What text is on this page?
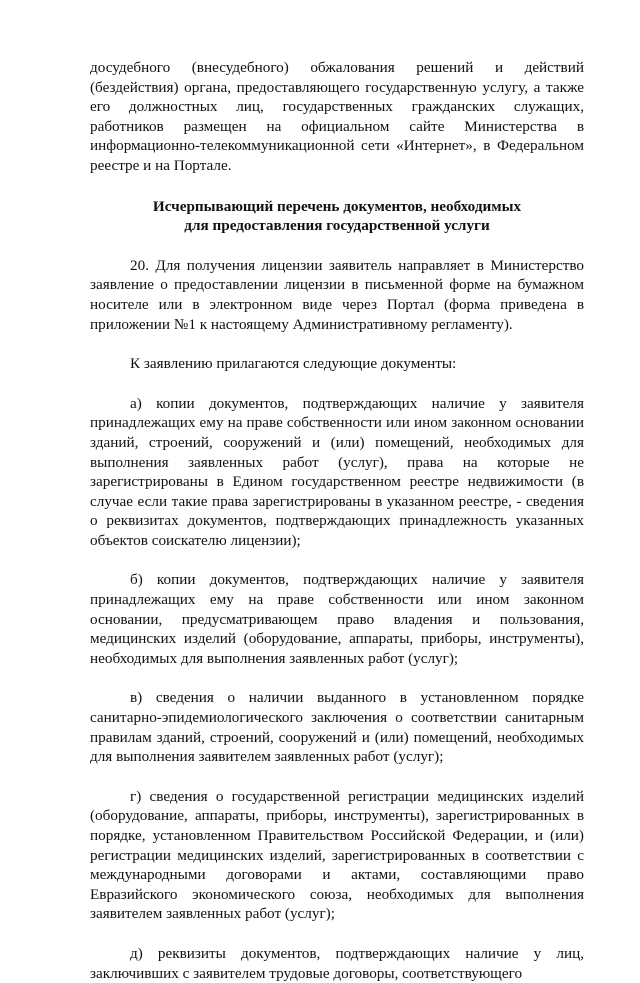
досудебного (внесудебного) обжалования решений и действий (бездействия) органа, предоставляющего государственную услугу, а также его должностных лиц, государственных гражданских служащих, работников размещен на официальном сайте Министерства в информационно-телекоммуникационной сети «Интернет», в Федеральном реестре и на Портале.

Исчерпывающий перечень документов, необходимых

для предоставления государственной услуги

20. Для получения лицензии заявитель направляет в Министерство заявление о предоставлении лицензии в письменной форме на бумажном носителе или в электронном виде через Портал (форма приведена в приложении №1 к настоящему Административному регламенту).

К заявлению прилагаются следующие документы:

а) копии документов, подтверждающих наличие у заявителя принадлежащих ему на праве собственности или ином законном основании зданий, строений, сооружений и (или) помещений, необходимых для выполнения заявленных работ (услуг), права на которые не зарегистрированы в Едином государственном реестре недвижимости (в случае если такие права зарегистрированы в указанном реестре, - сведения о реквизитах документов, подтверждающих принадлежность указанных объектов соискателю лицензии);

б) копии документов, подтверждающих наличие у заявителя принадлежащих ему на праве собственности или ином законном основании, предусматривающем право владения и пользования, медицинских изделий (оборудование, аппараты, приборы, инструменты), необходимых для выполнения заявленных работ (услуг);

в) сведения о наличии выданного в установленном порядке санитарно-эпидемиологического заключения о соответствии санитарным правилам зданий, строений, сооружений и (или) помещений, необходимых для выполнения заявителем заявленных работ (услуг);

г) сведения о государственной регистрации медицинских изделий (оборудование, аппараты, приборы, инструменты), зарегистрированных в порядке, установленном Правительством Российской Федерации, и (или) регистрации медицинских изделий, зарегистрированных в соответствии с международными договорами и актами, составляющими право Евразийского экономического союза, необходимых для выполнения заявителем заявленных работ (услуг);

д) реквизиты документов, подтверждающих наличие у лиц, заключивших с заявителем трудовые договоры, соответствующего
